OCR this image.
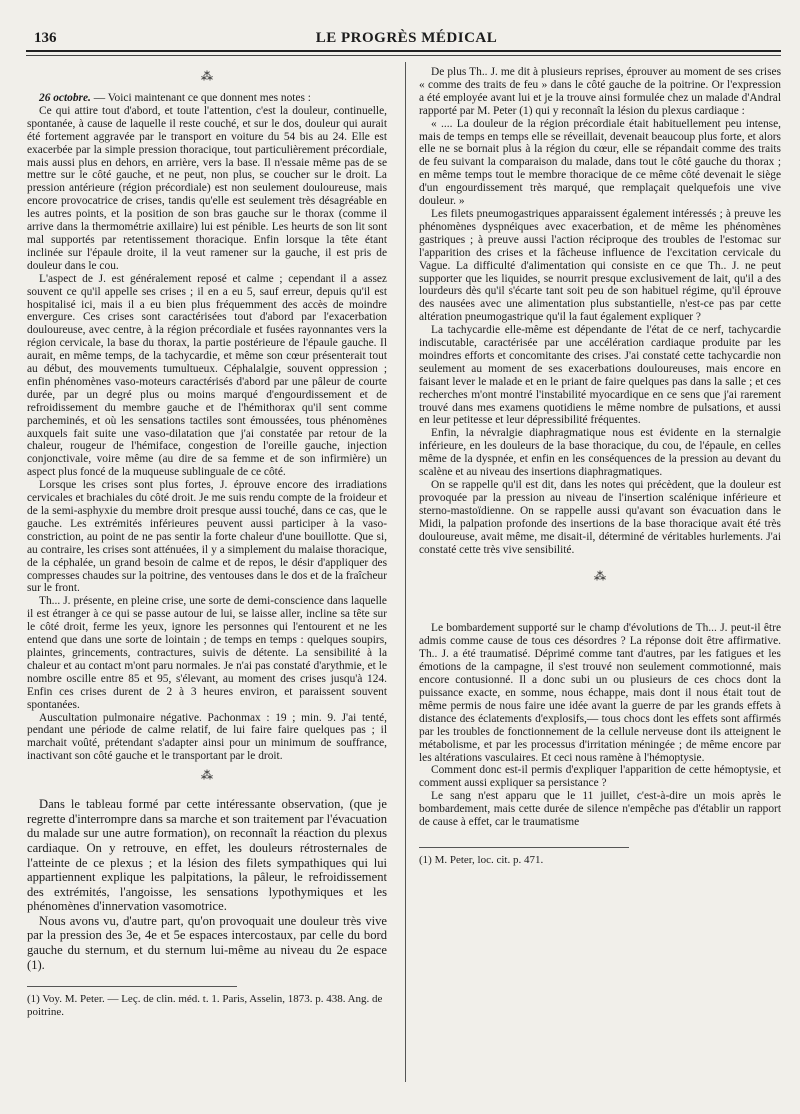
136	LE PROGRÈS MÉDICAL
⁂

26 octobre. — Voici maintenant ce que donnent mes notes :

Ce qui attire tout d'abord, et toute l'attention, c'est la douleur, continuelle, spontanée, à cause de laquelle il reste couché, et sur le dos, douleur qui aurait été fortement aggravée par le transport en voiture du 54 bis au 24. Elle est exacerbée par la simple pression thoracique, tout particulièrement précordiale, mais aussi plus en dehors, en arrière, vers la base. Il n'essaie même pas de se mettre sur le côté gauche, et ne peut, non plus, se coucher sur le droit. La pression antérieure (région précordiale) est non seulement douloureuse, mais encore provocatrice de crises, tandis qu'elle est seulement très désagréable en les autres points, et la position de son bras gauche sur le thorax (comme il arrive dans la thermométrie axillaire) lui est pénible. Les heurts de son lit sont mal supportés par retentissement thoracique. Enfin lorsque la tête étant inclinée sur l'épaule droite, il la veut ramener sur la gauche, il est pris de douleur dans le cou.

L'aspect de J. est généralement reposé et calme ; cependant il a assez souvent ce qu'il appelle ses crises ; il en a eu 5, sauf erreur, depuis qu'il est hospitalisé ici, mais il a eu bien plus fréquemment des accès de moindre envergure. Ces crises sont caractérisées tout d'abord par l'exacerbation douloureuse, avec centre, à la région précordiale et fusées rayonnantes vers la région cervicale, la base du thorax, la partie postérieure de l'épaule gauche. Il aurait, en même temps, de la tachycardie, et même son cœur présenterait tout au début, des mouvements tumultueux. Céphalalgie, souvent oppression ; enfin phénomènes vaso-moteurs caractérisés d'abord par une pâleur de courte durée, par un degré plus ou moins marqué d'engourdissement et de refroidissement du membre gauche et de l'hémithorax qu'il sent comme parcheminés, et où les sensations tactiles sont émoussées, tous phénomènes auxquels fait suite une vaso-dilatation que j'ai constatée par retour de la chaleur, rougeur de l'hémiface, congestion de l'oreille gauche, injection conjonctivale, voire même (au dire de sa femme et de son infirmière) un aspect plus foncé de la muqueuse sublinguale de ce côté.

Lorsque les crises sont plus fortes, J. éprouve encore des irradiations cervicales et brachiales du côté droit. Je me suis rendu compte de la froideur et de la semi-asphyxie du membre droit presque aussi touché, dans ce cas, que le gauche. Les extrémités inférieures peuvent aussi participer à la vaso-constriction, au point de ne pas sentir la forte chaleur d'une bouillotte. Que si, au contraire, les crises sont atténuées, il y a simplement du malaise thoracique, de la céphalée, un grand besoin de calme et de repos, le désir d'appliquer des compresses chaudes sur la poitrine, des ventouses dans le dos et de la fraîcheur sur le front.

Th... J. présente, en pleine crise, une sorte de demi-conscience dans laquelle il est étranger à ce qui se passe autour de lui, se laisse aller, incline sa tête sur le côté droit, ferme les yeux, ignore les personnes qui l'entourent et ne les entend que dans une sorte de lointain ; de temps en temps : quelques soupirs, plaintes, grincements, contractures, suivis de détente. La sensibilité à la chaleur et au contact m'ont paru normales. Je n'ai pas constaté d'arythmie, et le nombre oscille entre 85 et 95, s'élevant, au moment des crises jusqu'à 124. Enfin ces crises durent de 2 à 3 heures environ, et paraissent souvent spontanées.

Auscultation pulmonaire négative. Pachonmax : 19 ; min. 9. J'ai tenté, pendant une période de calme relatif, de lui faire faire quelques pas ; il marchait voûté, prétendant s'adapter ainsi pour un minimum de souffrance, inactivant son côté gauche et le transportant par le droit.

⁂

Dans le tableau formé par cette intéressante observation, (que je regrette d'interrompre dans sa marche et son traitement par l'évacuation du malade sur une autre formation), on reconnaît la réaction du plexus cardiaque. On y retrouve, en effet, les douleurs rétrosternales de l'atteinte de ce plexus ; et la lésion des filets sympathiques qui lui appartiennent explique les palpitations, la pâleur, le refroidissement des extrémités, l'angoisse, les sensations lypothymiques et les phénomènes d'innervation vasomotrice.

Nous avons vu, d'autre part, qu'on provoquait une douleur très vive par la pression des 3e, 4e et 5e espaces intercostaux, par celle du bord gauche du sternum, et du sternum lui-même au niveau du 2e espace (1).

(1) Voy. M. Peter. — Leç. de clin. méd. t. 1. Paris, Asselin, 1873. p. 438. Ang. de poitrine.

De plus Th.. J. me dit à plusieurs reprises, éprouver au moment de ses crises « comme des traits de feu » dans le côté gauche de la poitrine. Or l'expression a été employée avant lui et je la trouve ainsi formulée chez un malade d'Andral rapporté par M. Peter (1) qui y reconnaît la lésion du plexus cardiaque :

« .... La douleur de la région précordiale était habituellement peu intense, mais de temps en temps elle se réveillait, devenait beaucoup plus forte, et alors elle ne se bornait plus à la région du cœur, elle se répandait comme des traits de feu suivant la comparaison du malade, dans tout le côté gauche du thorax ; en même temps tout le membre thoracique de ce même côté devenait le siège d'un engourdissement très marqué, que remplaçait quelquefois une vive douleur. »

Les filets pneumogastriques apparaissent également intéressés ; à preuve les phénomènes dyspnéiques avec exacerbation, et de même les phénomènes gastriques ; à preuve aussi l'action réciproque des troubles de l'estomac sur l'apparition des crises et la fâcheuse influence de l'excitation cervicale du Vague. La difficulté d'alimentation qui consiste en ce que Th.. J. ne peut supporter que les liquides, se nourrit presque exclusivement de lait, qu'il a des lourdeurs dès qu'il s'écarte tant soit peu de son habituel régime, qu'il éprouve des nausées avec une alimentation plus substantielle, n'est-ce pas par cette altération pneumogastrique qu'il la faut également expliquer ?

La tachycardie elle-même est dépendante de l'état de ce nerf, tachycardie indiscutable, caractérisée par une accélération cardiaque produite par les moindres efforts et concomitante des crises. J'ai constaté cette tachycardie non seulement au moment de ses exacerbations douloureuses, mais encore en faisant lever le malade et en le priant de faire quelques pas dans la salle ; et ces recherches m'ont montré l'instabilité myocardique en ce sens que j'ai rarement trouvé dans mes examens quotidiens le même nombre de pulsations, et aussi en leur petitesse et leur dépressibilité fréquentes.

Enfin, la névralgie diaphragmatique nous est évidente en la sternalgie inférieure, en les douleurs de la base thoracique, du cou, de l'épaule, en celles même de la dyspnée, et enfin en les conséquences de la pression au devant du scalène et au niveau des insertions diaphragmatiques.

On se rappelle qu'il est dit, dans les notes qui précèdent, que la douleur est provoquée par la pression au niveau de l'insertion scalénique inférieure et sterno-mastoïdienne. On se rappelle aussi qu'avant son évacuation dans le Midi, la palpation profonde des insertions de la base thoracique avait été très douloureuse, avait même, me disait-il, déterminé de véritables hurlements. J'ai constaté cette très vive sensibilité.

⁂

Le bombardement supporté sur le champ d'évolutions de Th... J. peut-il être admis comme cause de tous ces désordres ? La réponse doit être affirmative. Th.. J. a été traumatisé. Déprimé comme tant d'autres, par les fatigues et les émotions de la campagne, il s'est trouvé non seulement commotionné, mais encore contusionné. Il a donc subi un ou plusieurs de ces chocs dont la puissance exacte, en somme, nous échappe, mais dont il nous était tout de même permis de nous faire une idée avant la guerre de par les grands effets à distance des éclatements d'explosifs,— tous chocs dont les effets sont affirmés par les troubles de fonctionnement de la cellule nerveuse dont ils atteignent le métabolisme, et par les processus d'irritation méningée ; de même encore par les altérations vasculaires. Et ceci nous ramène à l'hémoptysie.

Comment donc est-il permis d'expliquer l'apparition de cette hémoptysie, et comment aussi expliquer sa persistance ?

Le sang n'est apparu que le 11 juillet, c'est-à-dire un mois après le bombardement, mais cette durée de silence n'empêche pas d'établir un rapport de cause à effet, car le traumatisme

(1) M. Peter, loc. cit. p. 471.
